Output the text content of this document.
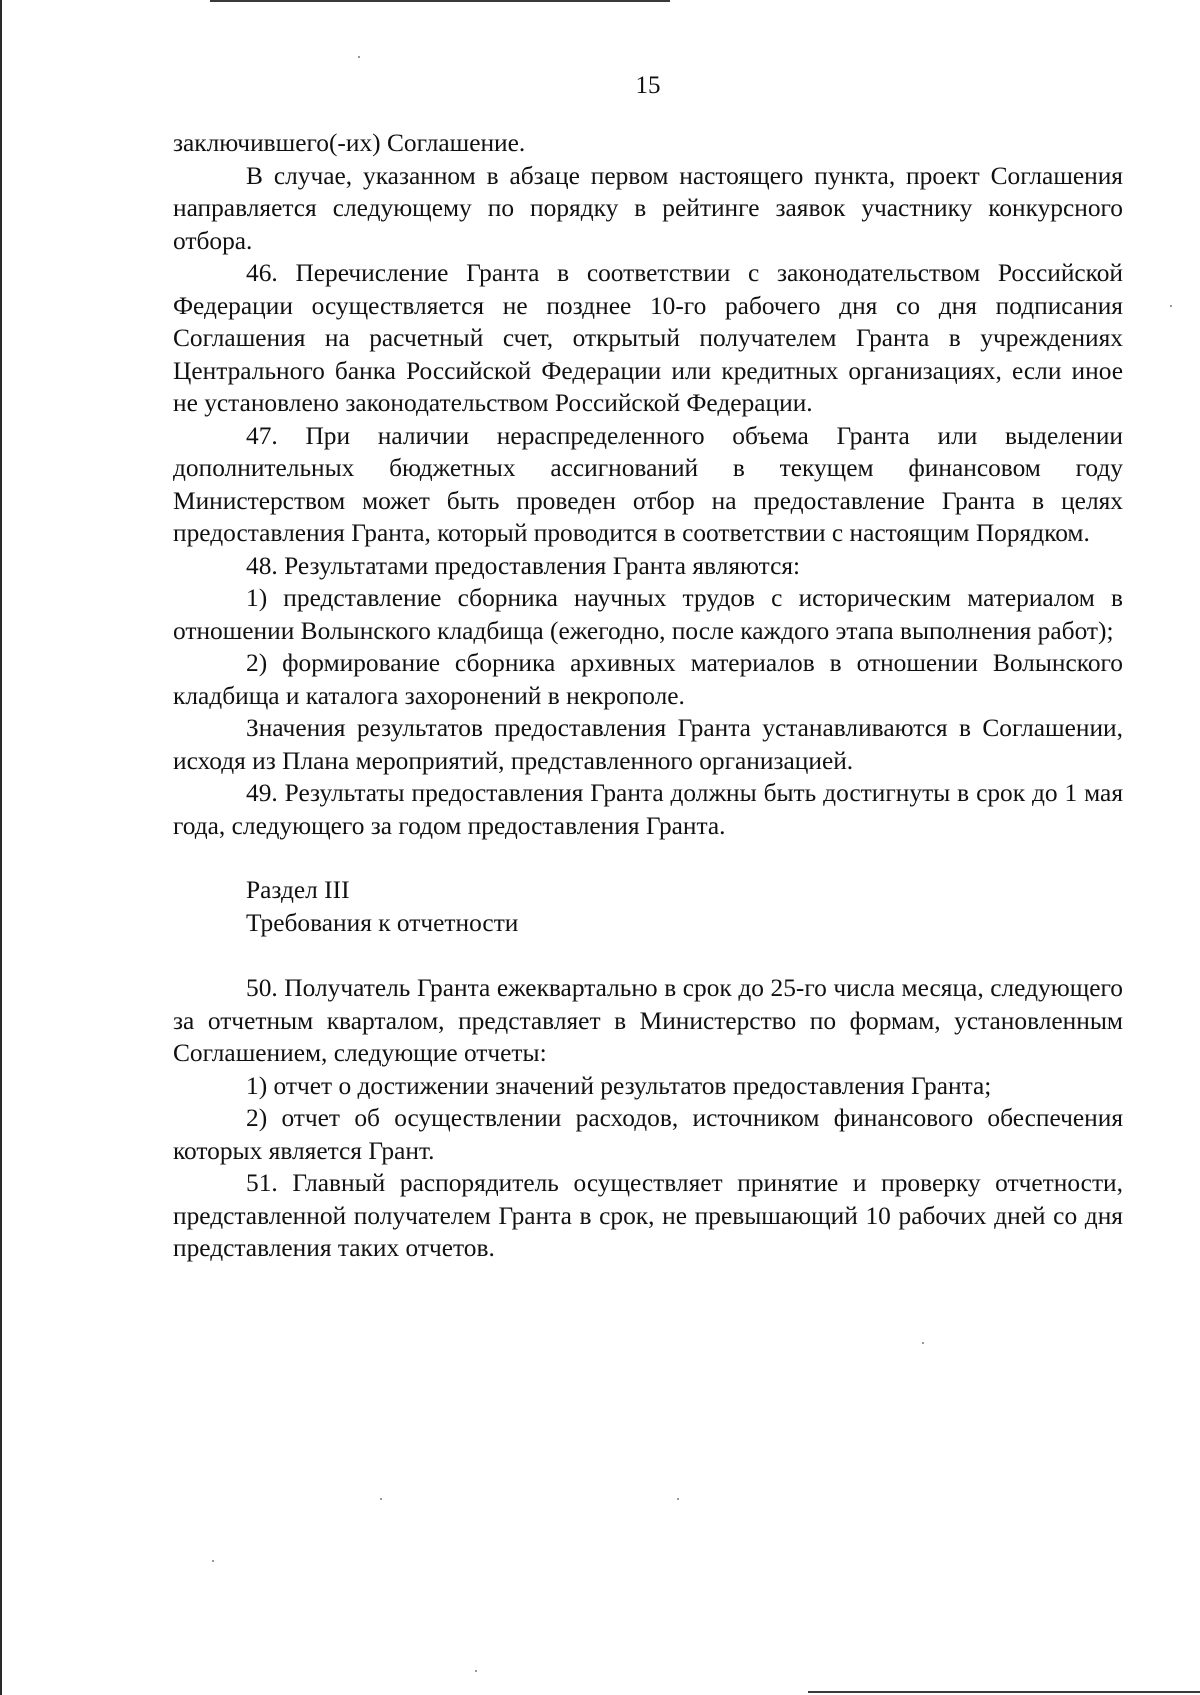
15

заключившего(-их) Соглашение.

В случае, указанном в абзаце первом настоящего пункта, проект Соглашения направляется следующему по порядку в рейтинге заявок участнику конкурсного отбора.

46. Перечисление Гранта в соответствии с законодательством Российской Федерации осуществляется не позднее 10-го рабочего дня со дня подписания Соглашения на расчетный счет, открытый получателем Гранта в учреждениях Центрального банка Российской Федерации или кредитных организациях, если иное не установлено законодательством Российской Федерации.

47. При наличии нераспределенного объема Гранта или выделении дополнительных бюджетных ассигнований в текущем финансовом году Министерством может быть проведен отбор на предоставление Гранта в целях предоставления Гранта, который проводится в соответствии с настоящим Порядком.

48. Результатами предоставления Гранта являются:

1) представление сборника научных трудов с историческим материалом в отношении Волынского кладбища (ежегодно, после каждого этапа выполнения работ);

2) формирование сборника архивных материалов в отношении Волынского кладбища и каталога захоронений в некрополе.

Значения результатов предоставления Гранта устанавливаются в Соглашении, исходя из Плана мероприятий, представленного организацией.

49. Результаты предоставления Гранта должны быть достигнуты в срок до 1 мая года, следующего за годом предоставления Гранта.

Раздел III

Требования к отчетности

50. Получатель Гранта ежеквартально в срок до 25-го числа месяца, следующего за отчетным кварталом, представляет в Министерство по формам, установленным Соглашением, следующие отчеты:

1) отчет о достижении значений результатов предоставления Гранта;

2) отчет об осуществлении расходов, источником финансового обеспечения которых является Грант.

51. Главный распорядитель осуществляет принятие и проверку отчетности, представленной получателем Гранта в срок, не превышающий 10 рабочих дней со дня представления таких отчетов.
